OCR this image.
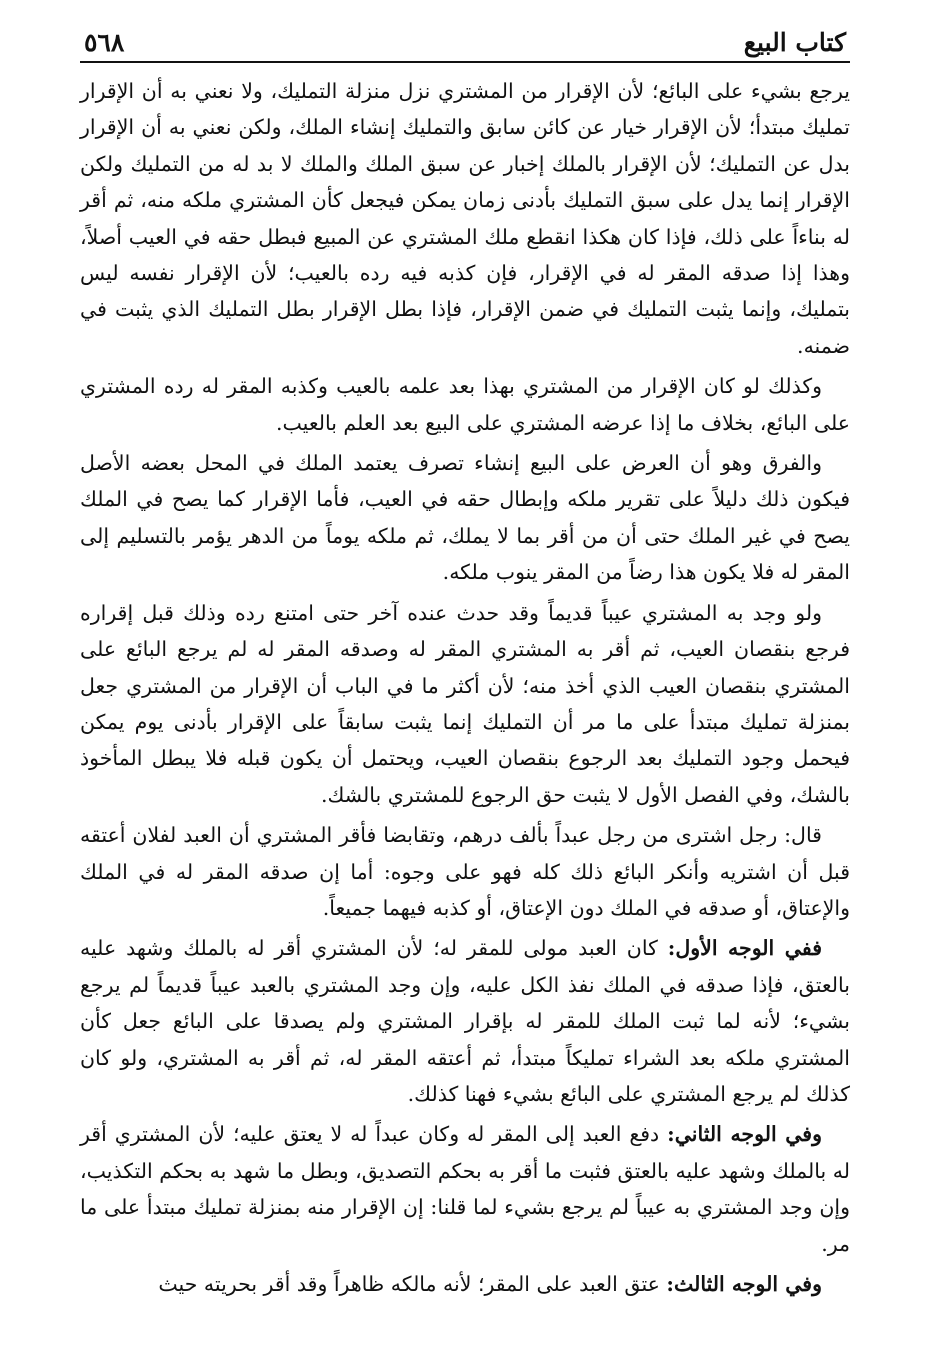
كتاب البيع
٥٦٨

يرجع بشيء على البائع؛ لأن الإقرار من المشتري نزل منزلة التمليك، ولا نعني به أن الإقرار تمليك مبتدأ؛ لأن الإقرار خيار عن كائن سابق والتمليك إنشاء الملك، ولكن نعني به أن الإقرار بدل عن التمليك؛ لأن الإقرار بالملك إخبار عن سبق الملك والملك لا بد له من التمليك ولكن الإقرار إنما يدل على سبق التمليك بأدنى زمان يمكن فيجعل كأن المشتري ملكه منه، ثم أقر له بناءاً على ذلك، فإذا كان هكذا انقطع ملك المشتري عن المبيع فبطل حقه في العيب أصلاً، وهذا إذا صدقه المقر له في الإقرار، فإن كذبه فيه رده بالعيب؛ لأن الإقرار نفسه ليس بتمليك، وإنما يثبت التمليك في ضمن الإقرار، فإذا بطل الإقرار بطل التمليك الذي يثبت في ضمنه.

وكذلك لو كان الإقرار من المشتري بهذا بعد علمه بالعيب وكذبه المقر له رده المشتري على البائع، بخلاف ما إذا عرضه المشتري على البيع بعد العلم بالعيب.

والفرق وهو أن العرض على البيع إنشاء تصرف يعتمد الملك في المحل بعضه الأصل فيكون ذلك دليلاً على تقرير ملكه وإبطال حقه في العيب، فأما الإقرار كما يصح في الملك يصح في غير الملك حتى أن من أقر بما لا يملك، ثم ملكه يوماً من الدهر يؤمر بالتسليم إلى المقر له فلا يكون هذا رضاً من المقر ينوب ملكه.

ولو وجد به المشتري عيباً قديماً وقد حدث عنده آخر حتى امتنع رده وذلك قبل إقراره فرجع بنقصان العيب، ثم أقر به المشتري المقر له وصدقه المقر له لم يرجع البائع على المشتري بنقصان العيب الذي أخذ منه؛ لأن أكثر ما في الباب أن الإقرار من المشتري جعل بمنزلة تمليك مبتدأ على ما مر أن التمليك إنما يثبت سابقاً على الإقرار بأدنى يوم يمكن فيحمل وجود التمليك بعد الرجوع بنقصان العيب، ويحتمل أن يكون قبله فلا يبطل المأخوذ بالشك، وفي الفصل الأول لا يثبت حق الرجوع للمشتري بالشك.

قال: رجل اشترى من رجل عبداً بألف درهم، وتقابضا فأقر المشتري أن العبد لفلان أعتقه قبل أن اشتريه وأنكر البائع ذلك كله فهو على وجوه: أما إن صدقه المقر له في الملك والإعتاق، أو صدقه في الملك دون الإعتاق، أو كذبه فيهما جميعاً.

ففي الوجه الأول: كان العبد مولى للمقر له؛ لأن المشتري أقر له بالملك وشهد عليه بالعتق، فإذا صدقه في الملك نفذ الكل عليه، وإن وجد المشتري بالعبد عيباً قديماً لم يرجع بشيء؛ لأنه لما ثبت الملك للمقر له بإقرار المشتري ولم يصدقا على البائع جعل كأن المشتري ملكه بعد الشراء تمليكاً مبتدأ، ثم أعتقه المقر له، ثم أقر به المشتري، ولو كان كذلك لم يرجع المشتري على البائع بشيء فهنا كذلك.

وفي الوجه الثاني: دفع العبد إلى المقر له وكان عبداً له لا يعتق عليه؛ لأن المشتري أقر له بالملك وشهد عليه بالعتق فثبت ما أقر به بحكم التصديق، وبطل ما شهد به بحكم التكذيب، وإن وجد المشتري به عيباً لم يرجع بشيء لما قلنا: إن الإقرار منه بمنزلة تمليك مبتدأ على ما مر.

وفي الوجه الثالث: عتق العبد على المقر؛ لأنه مالكه ظاهراً وقد أقر بحريته حيث
